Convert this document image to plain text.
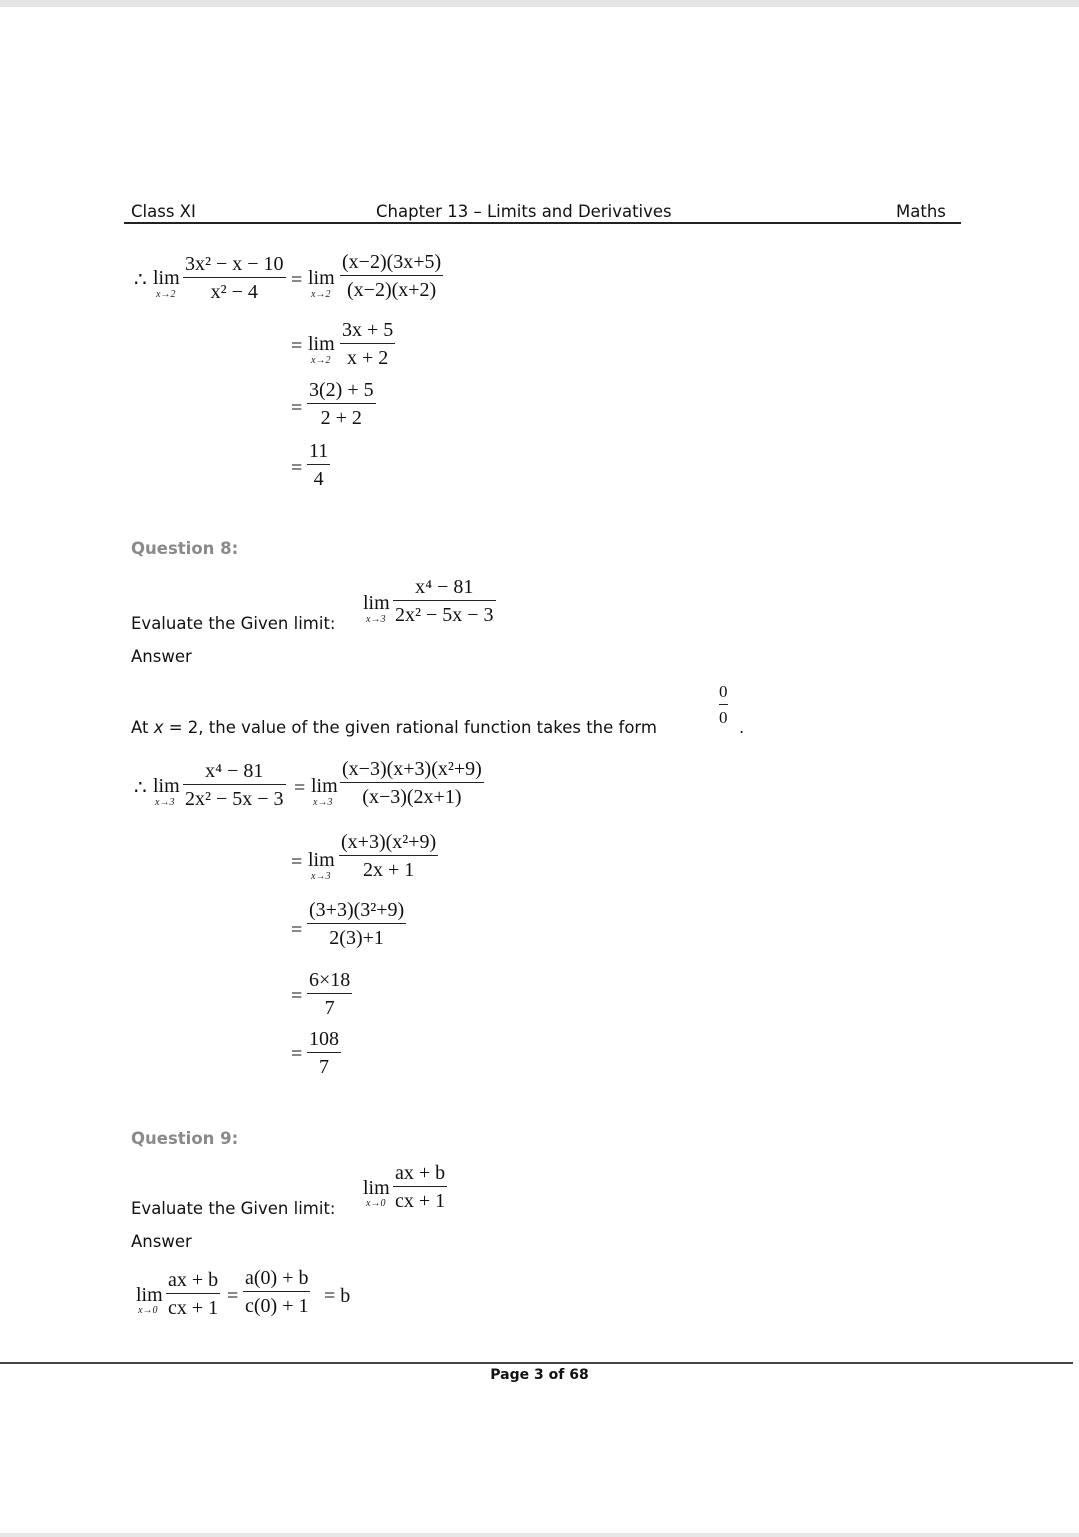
Class XI	Chapter 13 – Limits and Derivatives	Maths
∴ lim
x→2
3x² − x − 10
x² − 4
= lim
x→2
(x−2)(3x+5)
(x−2)(x+2)
= lim
x→2
3x + 5
x + 2
=
3(2) + 5
2 + 2
=
11
4
Question 8:
Evaluate the Given limit:
lim
x→3
x⁴ − 81
2x² − 5x − 3
Answer
At x = 2, the value of the given rational function takes the form
0
0
.
∴ lim
x→3
x⁴ − 81
2x² − 5x − 3
= lim
x→3
(x−3)(x+3)(x²+9)
(x−3)(2x+1)
= lim
x→3
(x+3)(x²+9)
2x + 1
=
(3+3)(3²+9)
2(3)+1
=
6×18
7
=
108
7
Question 9:
Evaluate the Given limit:
lim
x→0
ax + b
cx + 1
Answer
lim
x→0
ax + b
cx + 1
=
a(0) + b
c(0) + 1 = b
Page 3 of 68
